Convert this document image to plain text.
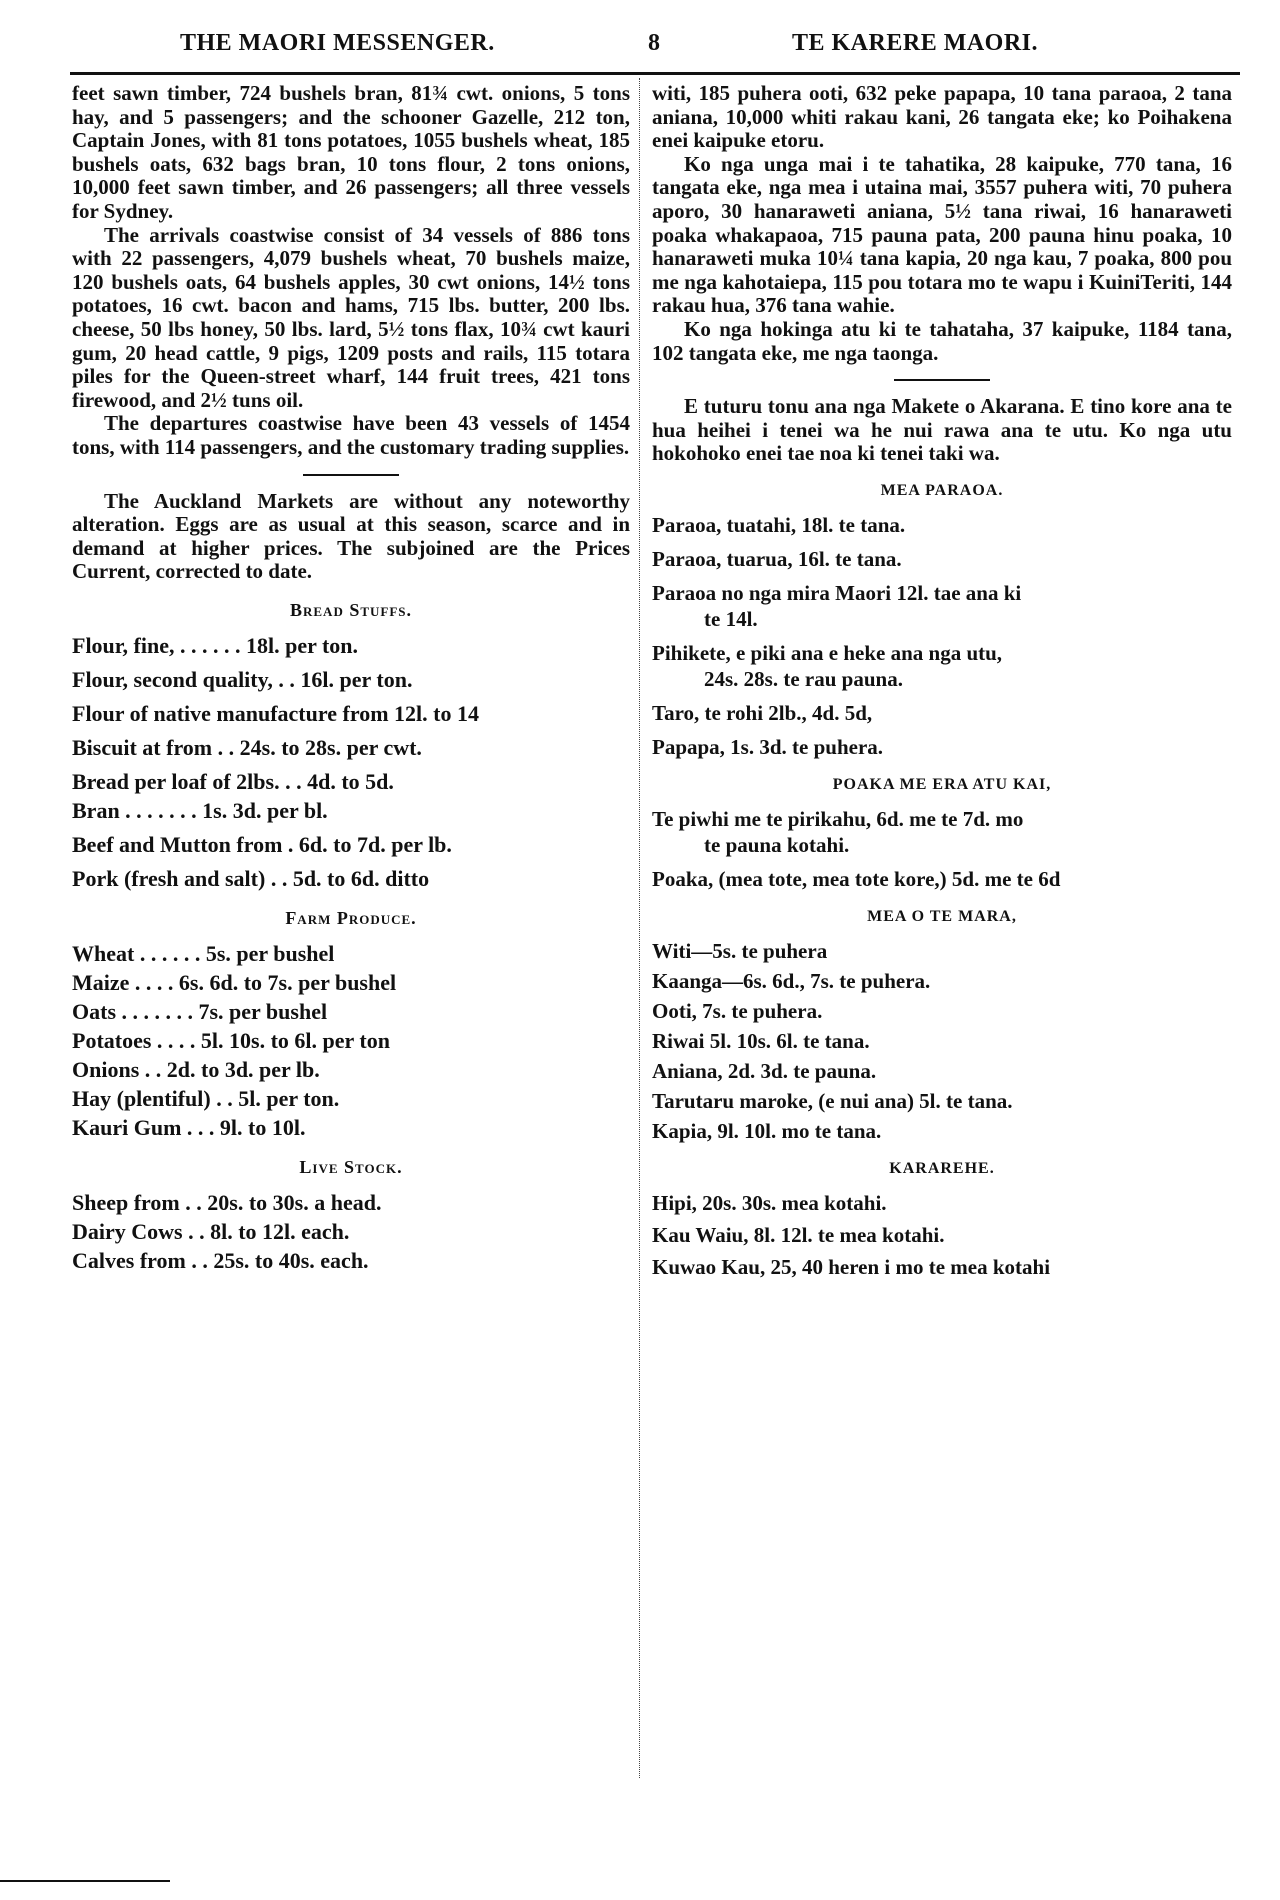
THE MAORI MESSENGER.	8	TE KARERE MAORI.

feet sawn timber, 724 bushels bran, 81¾ cwt. onions, 5 tons hay, and 5 passengers; and the schooner Gazelle, 212 ton, Captain Jones, with 81 tons potatoes, 1055 bushels wheat, 185 bushels oats, 632 bags bran, 10 tons flour, 2 tons onions, 10,000 feet sawn timber, and 26 passengers; all three vessels for Sydney.

The arrivals coastwise consist of 34 vessels of 886 tons with 22 passengers, 4,079 bushels wheat, 70 bushels maize, 120 bushels oats, 64 bushels apples, 30 cwt onions, 14½ tons potatoes, 16 cwt. bacon and hams, 715 lbs. butter, 200 lbs. cheese, 50 lbs honey, 50 lbs. lard, 5½ tons flax, 10¾ cwt kauri gum, 20 head cattle, 9 pigs, 1209 posts and rails, 115 totara piles for the Queen-street wharf, 144 fruit trees, 421 tons firewood, and 2½ tuns oil.

The departures coastwise have been 43 vessels of 1454 tons, with 114 passengers, and the customary trading supplies.

The Auckland Markets are without any noteworthy alteration. Eggs are as usual at this season, scarce and in demand at higher prices. The subjoined are the Prices Current, corrected to date.

Bread Stuffs.

Flour, fine, . . . . . . 18l. per ton.

Flour, second quality, . . 16l. per ton.

Flour of native manufacture from 12l. to 14

Biscuit at from . . 24s. to 28s. per cwt.

Bread per loaf of 2lbs. . . 4d. to 5d.

Bran . . . . . . . 1s. 3d. per bl.

Beef and Mutton from . 6d. to 7d. per lb.

Pork (fresh and salt) . . 5d. to 6d. ditto

Farm Produce.

Wheat . . . . . . 5s. per bushel

Maize . . . . 6s. 6d. to 7s. per bushel

Oats . . . . . . . 7s. per bushel

Potatoes . . . . 5l. 10s. to 6l. per ton

Onions . . 2d. to 3d. per lb.

Hay (plentiful) . . 5l. per ton.

Kauri Gum . . . 9l. to 10l.

Live Stock.

Sheep from . . 20s. to 30s. a head.

Dairy Cows . . 8l. to 12l. each.

Calves from . . 25s. to 40s. each.

witi, 185 puhera ooti, 632 peke papapa, 10 tana paraoa, 2 tana aniana, 10,000 whiti rakau kani, 26 tangata eke; ko Poihakena enei kaipuke etoru.

Ko nga unga mai i te tahatika, 28 kaipuke, 770 tana, 16 tangata eke, nga mea i utaina mai, 3557 puhera witi, 70 puhera aporo, 30 hanaraweti aniana, 5½ tana riwai, 16 hanaraweti poaka whakapaoa, 715 pauna pata, 200 pauna hinu poaka, 10 hanaraweti muka 10¼ tana kapia, 20 nga kau, 7 poaka, 800 pou me nga kahotaiepa, 115 pou totara mo te wapu i KuiniTeriti, 144 rakau hua, 376 tana wahie.

Ko nga hokinga atu ki te tahataha, 37 kaipuke, 1184 tana, 102 tangata eke, me nga taonga.

E tuturu tonu ana nga Makete o Akarana. E tino kore ana te hua heihei i tenei wa he nui rawa ana te utu. Ko nga utu hokohoko enei tae noa ki tenei taki wa.

MEA PARAOA.

Paraoa, tuatahi, 18l. te tana.

Paraoa, tuarua, 16l. te tana.

Paraoa no nga mira Maori 12l. tae ana ki
te 14l.

Pihikete, e piki ana e heke ana nga utu,
24s. 28s. te rau pauna.

Taro, te rohi 2lb., 4d. 5d,

Papapa, 1s. 3d. te puhera.

POAKA ME ERA ATU KAI,

Te piwhi me te pirikahu, 6d. me te 7d. mo
te pauna kotahi.

Poaka, (mea tote, mea tote kore,) 5d. me te 6d

MEA O TE MARA,

Witi—5s. te puhera

Kaanga—6s. 6d., 7s. te puhera.

Ooti, 7s. te puhera.

Riwai 5l. 10s. 6l. te tana.

Aniana, 2d. 3d. te pauna.

Tarutaru maroke, (e nui ana) 5l. te tana.

Kapia, 9l. 10l. mo te tana.

KARAREHE.

Hipi, 20s. 30s. mea kotahi.

Kau Waiu, 8l. 12l. te mea kotahi.

Kuwao Kau, 25, 40 heren i mo te mea kotahi
